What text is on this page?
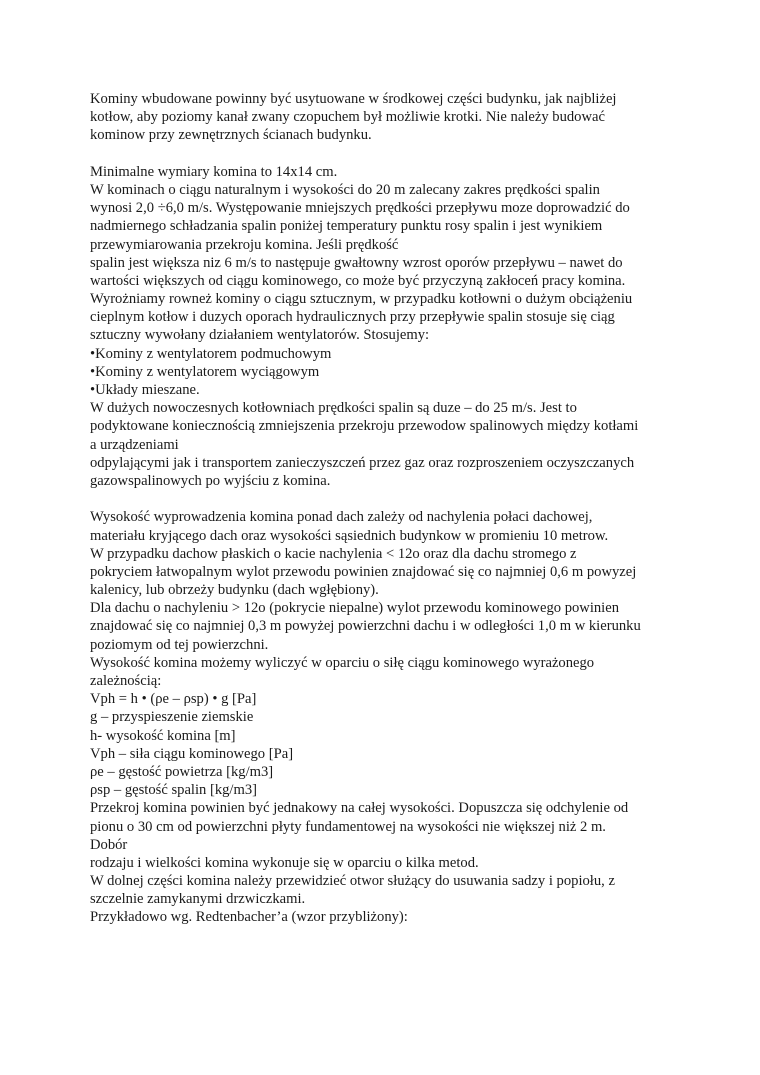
Kominy wbudowane powinny być usytuowane w środkowej części budynku, jak najbliżej
kotłow, aby poziomy kanał zwany czopuchem był możliwie krotki. Nie należy budować
kominow przy zewnętrznych ścianach budynku.
Minimalne wymiary komina to 14x14 cm.
W kominach o ciągu naturalnym i wysokości do 20 m zalecany zakres prędkości spalin
wynosi 2,0 ÷6,0 m/s. Występowanie mniejszych prędkości przepływu moze doprowadzić do
nadmiernego schładzania spalin poniżej temperatury punktu rosy spalin i jest wynikiem
przewymiarowania przekroju komina. Jeśli prędkość
spalin jest większa niz 6 m/s to następuje gwałtowny wzrost oporów przepływu – nawet do
wartości większych od ciągu kominowego, co może być przyczyną zakłoceń pracy komina.
Wyrożniamy rowneż kominy o ciągu sztucznym, w przypadku kotłowni o dużym obciążeniu
cieplnym kotłow i duzych oporach hydraulicznych przy przepływie spalin stosuje się ciąg
sztuczny wywołany działaniem wentylatorów. Stosujemy:
•Kominy z wentylatorem podmuchowym
•Kominy z wentylatorem wyciągowym
•Układy mieszane.
W dużych nowoczesnych kotłowniach prędkości spalin są duze – do 25 m/s. Jest to
podyktowane koniecznością zmniejszenia przekroju przewodow spalinowych między kotłami
a urządzeniami
odpylającymi jak i transportem zanieczyszczeń przez gaz oraz rozproszeniem oczyszczanych
gazowspalinowych po wyjściu z komina.
Wysokość wyprowadzenia komina ponad dach zależy od nachylenia połaci dachowej,
materiału kryjącego dach oraz wysokości sąsiednich budynkow w promieniu 10 metrow.
W przypadku dachow płaskich o kacie nachylenia < 12o oraz dla dachu stromego z
pokryciem łatwopalnym wylot przewodu powinien znajdować się co najmniej 0,6 m powyzej
kalenicy, lub obrzeży budynku (dach wgłębiony).
Dla dachu o nachyleniu > 12o (pokrycie niepalne) wylot przewodu kominowego powinien
znajdować się co najmniej 0,3 m powyżej powierzchni dachu i w odległości 1,0 m w kierunku
poziomym od tej powierzchni.
Wysokość komina możemy wyliczyć w oparciu o siłę ciągu kominowego wyrażonego
zależnością:
Vph = h • (ρe – ρsp) • g [Pa]
g – przyspieszenie ziemskie
h- wysokość komina [m]
Vph – siła ciągu kominowego [Pa]
ρe – gęstość powietrza [kg/m3]
ρsp – gęstość spalin [kg/m3]
Przekroj komina powinien być jednakowy na całej wysokości. Dopuszcza się odchylenie od
pionu o 30 cm od powierzchni płyty fundamentowej na wysokości nie większej niż 2 m.
Dobór
rodzaju i wielkości komina wykonuje się w oparciu o kilka metod.
W dolnej części komina należy przewidzieć otwor służący do usuwania sadzy i popiołu, z
szczelnie zamykanymi drzwiczkami.
Przykładowo wg. Redtenbacher’a (wzor przybliżony):
